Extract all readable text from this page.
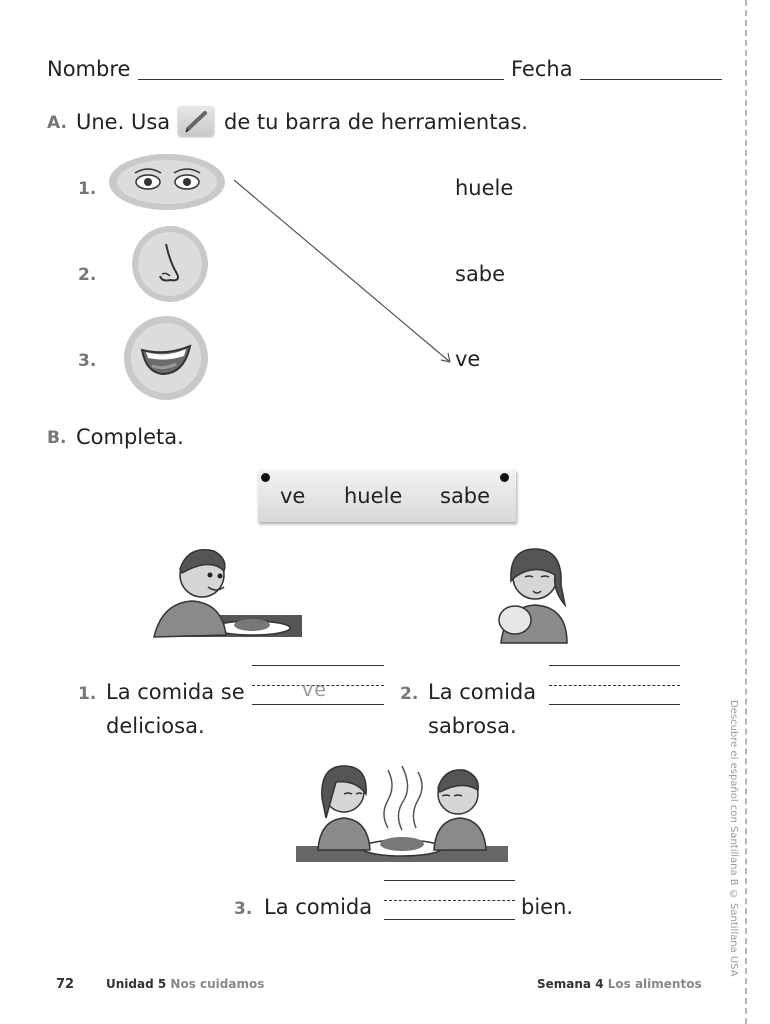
Nombre	Fecha
A. Une. Usa	de tu barra de herramientas.
1.
2.
3.
huele
sabe
ve
B. Completa.
ve huele sabe
1. La comida se	ve
deliciosa.
2. La comida
sabrosa.
3. La comida	bien.	Descubre el español con Santillana B © Santillana USA
72	Unidad 5 Nos cuidamos	Semana 4 Los alimentos
